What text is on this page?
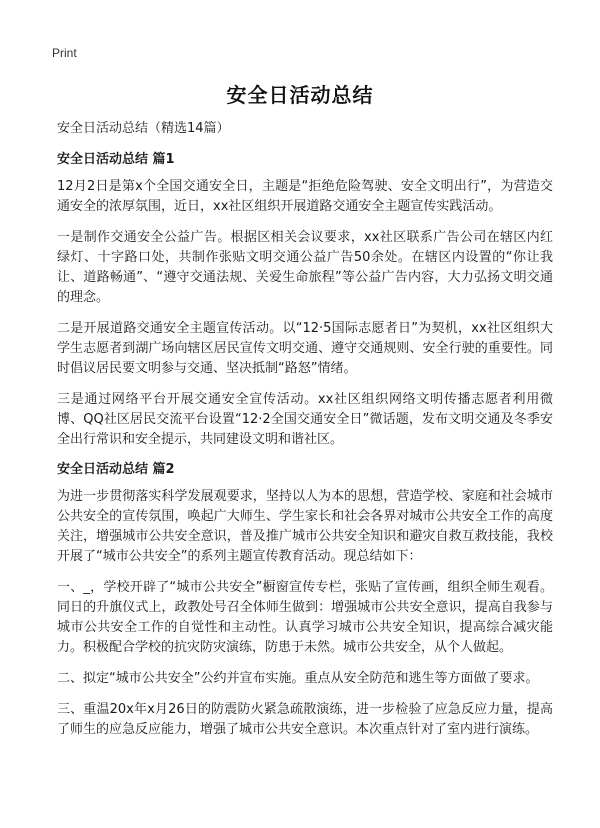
Print
安全日活动总结

安全日活动总结（精选14篇）

安全日活动总结 篇1

12月2日是第x个全国交通安全日，主题是“拒绝危险驾驶、安全文明出行”，为营造交通安全的浓厚氛围，近日，xx社区组织开展道路交通安全主题宣传实践活动。

一是制作交通安全公益广告。根据区相关会议要求，xx社区联系广告公司在辖区内红绿灯、十字路口处，共制作张贴文明交通公益广告50余处。在辖区内设置的“你让我让、道路畅通”、“遵守交通法规、关爱生命旅程”等公益广告内容，大力弘扬文明交通的理念。

二是开展道路交通安全主题宣传活动。以“12·5国际志愿者日”为契机，xx社区组织大学生志愿者到湖广场向辖区居民宣传文明交通、遵守交通规则、安全行驶的重要性。同时倡议居民要文明参与交通、坚决抵制“路怒”情绪。

三是通过网络平台开展交通安全宣传活动。xx社区组织网络文明传播志愿者利用微博、QQ社区居民交流平台设置“12·2全国交通安全日”微话题，发布文明交通及冬季安全出行常识和安全提示，共同建设文明和谐社区。

安全日活动总结 篇2

为进一步贯彻落实科学发展观要求，坚持以人为本的思想，营造学校、家庭和社会城市公共安全的宣传氛围，唤起广大师生、学生家长和社会各界对城市公共安全工作的高度关注，增强城市公共安全意识，普及推广城市公共安全知识和避灾自救互救技能，我校开展了“城市公共安全”的系列主题宣传教育活动。现总结如下：

一、_，学校开辟了“城市公共安全”橱窗宣传专栏，张贴了宣传画，组织全师生观看。同日的升旗仪式上，政教处号召全体师生做到：增强城市公共安全意识，提高自我参与城市公共安全工作的自觉性和主动性。认真学习城市公共安全知识，提高综合减灾能力。积极配合学校的抗灾防灾演练，防患于未然。城市公共安全，从个人做起。

二、拟定“城市公共安全”公约并宣布实施。重点从安全防范和逃生等方面做了要求。

三、重温20x年x月26日的防震防火紧急疏散演练，进一步检验了应急反应力量，提高了师生的应急反应能力，增强了城市公共安全意识。本次重点针对了室内进行演练。
